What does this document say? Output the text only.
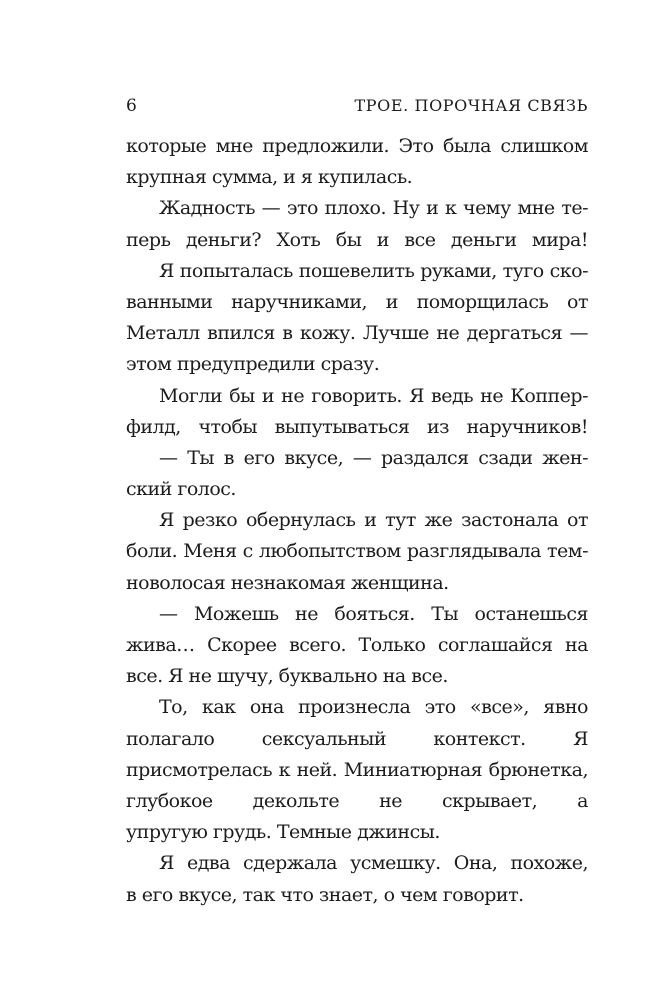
6	ТРОЕ. ПОРОЧНАЯ СВЯЗЬ
которые мне предложили. Это была слишком
крупная сумма, и я купилась.
Жадность — это плохо. Ну и к чему мне те-
перь деньги? Хоть бы и все деньги мира!
Я попыталась пошевелить руками, туго ско-
ванными наручниками, и поморщилась от
Металл впился в кожу. Лучше не дергаться —
этом предупредили сразу.
Могли бы и не говорить. Я ведь не Коппер-
филд, чтобы выпутываться из наручников!
— Ты в его вкусе, — раздался сзади жен-
ский голос.
Я резко обернулась и тут же застонала от
боли. Меня с любопытством разглядывала тем-
новолосая незнакомая женщина.
— Можешь не бояться. Ты останешься
жива… Скорее всего. Только соглашайся на
все. Я не шучу, буквально на все.
То, как она произнесла это «все», явно
полагало сексуальный контекст. Я
присмотрелась к ней. Миниатюрная брюнетка,
глубокое декольте не скрывает, а
упругую грудь. Темные джинсы.
Я едва сдержала усмешку. Она, похоже,
в его вкусе, так что знает, о чем говорит.
